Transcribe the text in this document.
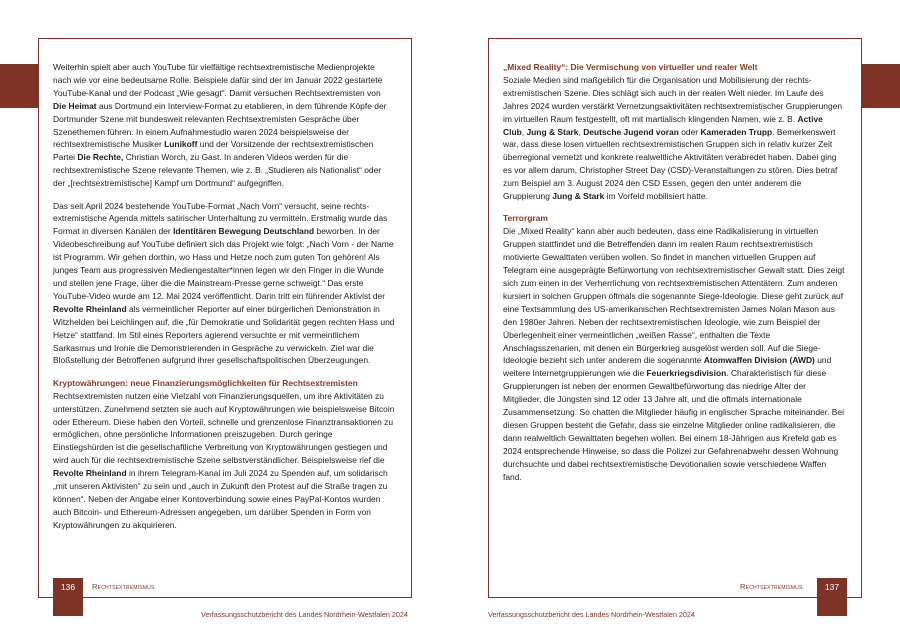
Weiterhin spielt aber auch YouTube für vielfältige rechtsextremistische Medienprojekte nach wie vor eine bedeutsame Rolle. Beispiele dafür sind der im Januar 2022 gestartete YouTube-Kanal und der Podcast „Wie gesagt“. Damit versuchen Rechtsextremisten von Die Heimat aus Dortmund ein Interview-Format zu etablieren, in dem führende Köpfe der Dortmunder Szene mit bundesweit relevanten Rechtsextremisten Gespräche über Szenethemen führen. In einem Aufnahmestudio waren 2024 beispielsweise der rechtsextremistische Musiker Lunikoff und der Vorsitzende der rechtsextremistischen Partei Die Rechte, Christian Worch, zu Gast. In anderen Videos werden für die rechtsextremistische Szene relevante Themen, wie z. B. „Studieren als Nationalist“ oder der „[rechtsextremistische] Kampf um Dortmund“ aufgegriffen.

Das seit April 2024 bestehende YouTube-Format „Nach Vorn“ versucht, seine rechtsextremistische Agenda mittels satirischer Unterhaltung zu vermitteln. Erstmalig wurde das Format in diversen Kanälen der Identitären Bewegung Deutschland beworben. In der Videobeschreibung auf YouTube definiert sich das Projekt wie folgt: „Nach Vorn - der Name ist Programm. Wir gehen dorthin, wo Hass und Hetze noch zum guten Ton gehören! Als junges Team aus progressiven Mediengestalter*innen legen wir den Finger in die Wunde und stellen jene Frage, über die die Mainstream-Presse gerne schweigt.“ Das erste YouTube-Video wurde am 12. Mai 2024 veröffentlicht. Darin tritt ein führender Aktivist der Revolte Rheinland als vermeintlicher Reporter auf einer bürgerlichen Demonstration in Witzhelden bei Leichlingen auf, die „für Demokratie und Solidarität gegen rechten Hass und Hetze“ stattfand. Im Stil eines Reporters agierend versuchte er mit vermeintlichem Sarkasmus und Ironie die Demonstrierenden in Gespräche zu verwickeln. Ziel war die Bloßstellung der Betroffenen aufgrund ihrer gesellschaftspolitischen Überzeugungen.

Kryptowährungen: neue Finanzierungsmöglichkeiten für Rechtsextremisten
Rechtsextremisten nutzen eine Vielzahl von Finanzierungsquellen, um ihre Aktivitäten zu unterstützen. Zunehmend setzten sie auch auf Kryptowährungen wie beispielsweise Bitcoin oder Ethereum. Diese haben den Vorteil, schnelle und grenzenlose Finanztransaktionen zu ermöglichen, ohne persönliche Informationen preiszugeben. Durch geringe Einstiegshürden ist die gesellschaftliche Verbreitung von Kryptowährungen gestiegen und wird auch für die rechtsextremistische Szene selbstverständlicher. Beispielsweise rief die Revolte Rheinland in ihrem Telegram-Kanal im Juli 2024 zu Spenden auf, um solidarisch „mit unseren Aktivisten“ zu sein und „auch in Zukunft den Protest auf die Straße tragen zu können“. Neben der Angabe einer Kontoverbindung sowie eines PayPal-Kontos wurden auch Bitcoin- und Ethereum-Adressen angegeben, um darüber Spenden in Form von Kryptowährungen zu akquirieren.

„Mixed Reality“: Die Vermischung von virtueller und realer Welt
Soziale Medien sind maßgeblich für die Organisation und Mobilisierung der rechtsextremistischen Szene. Dies schlägt sich auch in der realen Welt nieder. Im Laufe des Jahres 2024 wurden verstärkt Vernetzungsaktivitäten rechtsextremistischer Gruppierungen im virtuellen Raum festgestellt, oft mit martialisch klingenden Namen, wie z. B. Active Club, Jung & Stark, Deutsche Jugend voran oder Kameraden Trupp. Bemerkenswert war, dass diese losen virtuellen rechtsextremistischen Gruppen sich in relativ kurzer Zeit überregional vernetzt und konkrete realweltliche Aktivitäten verabredet haben. Dabei ging es vor allem darum, Christopher Street Day (CSD)-Veranstaltungen zu stören. Dies betraf zum Beispiel am 3. August 2024 den CSD Essen, gegen den unter anderem die Gruppierung Jung & Stark im Vorfeld mobilisiert hatte.

Terrorgram
Die „Mixed Reality“ kann aber auch bedeuten, dass eine Radikalisierung in virtuellen Gruppen stattfindet und die Betreffenden dann im realen Raum rechtsextremistisch motivierte Gewalttaten verüben wollen. So findet in manchen virtuellen Gruppen auf Telegram eine ausgeprägte Befürwortung von rechtsextremistischer Gewalt statt. Dies zeigt sich zum einen in der Verherrlichung von rechtsextremistischen Attentätern. Zum anderen kursiert in solchen Gruppen oftmals die sogenannte Siege-Ideologie. Diese geht zurück auf eine Textsammlung des US-amerikanischen Rechtsextremisten James Nolan Mason aus den 1980er Jahren. Neben der rechtsextremistischen Ideologie, wie zum Beispiel der Überlegenheit einer vermeintlichen „weißen Rasse“, enthalten die Texte Anschlagsszenarien, mit denen ein Bürgerkrieg ausgelöst werden soll. Auf die Siege-Ideologie bezieht sich unter anderem die sogenannte Atomwaffen Division (AWD) und weitere Internetgruppierungen wie die Feuerkriegsdivision. Charakteristisch für diese Gruppierungen ist neben der enormen Gewaltbefürwortung das niedrige Alter der Mitglieder, die Jüngsten sind 12 oder 13 Jahre alt, und die oftmals internationale Zusammensetzung. So chatten die Mitglieder häufig in englischer Sprache miteinander. Bei diesen Gruppen besteht die Gefahr, dass sie einzelne Mitglieder online radikalisieren, die dann realweltlich Gewalttaten begehen wollen. Bei einem 18-Jährigen aus Krefeld gab es 2024 entsprechende Hinweise, so dass die Polizei zur Gefahrenabwehr dessen Wohnung durchsuchte und dabei rechtsextremistische Devotionalien sowie verschiedene Waffen fand.

136	Rechtsextremismus	Rechtsextremismus	137
Verfassungsschutzbericht des Landes Nordrhein-Westfalen 2024	Verfassungsschutzbericht des Landes Nordrhein-Westfalen 2024
